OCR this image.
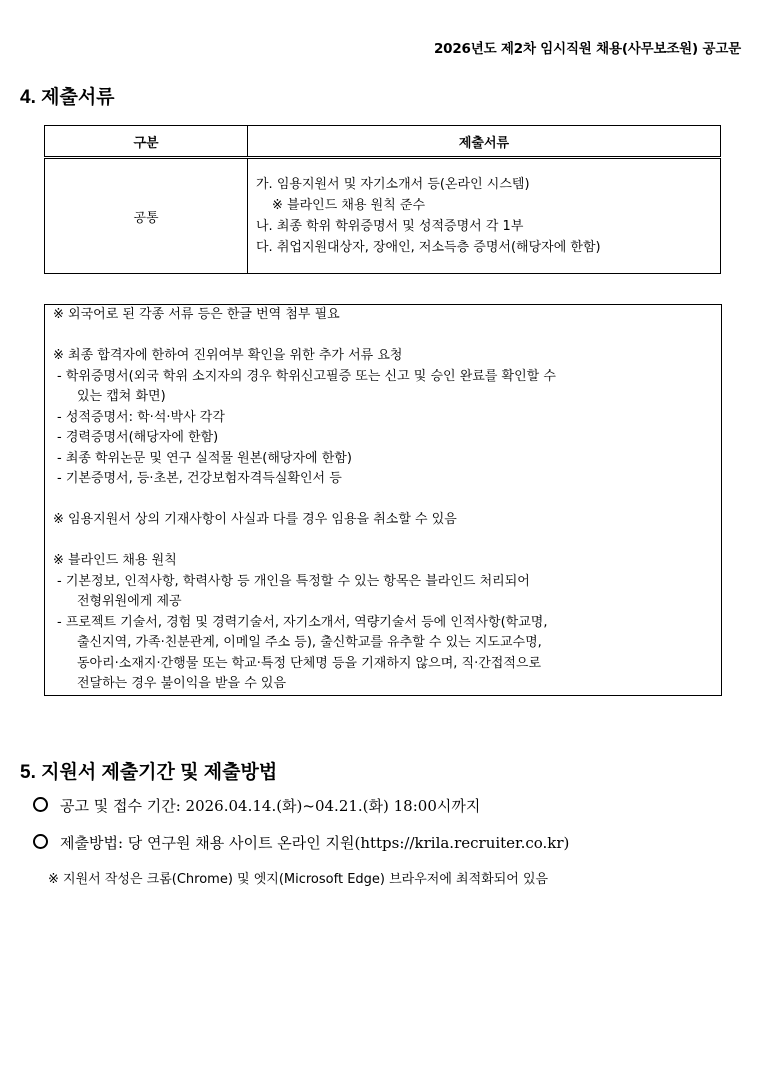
2026년도 제2차 임시직원 채용(사무보조원) 공고문
4. 제출서류
구분	제출서류
공통	가. 임용지원서 및 자기소개서 등(온라인 시스템)
※ 블라인드 채용 원칙 준수
나. 최종 학위 학위증명서 및 성적증명서 각 1부
다. 취업지원대상자, 장애인, 저소득층 증명서(해당자에 한함)
※ 외국어로 된 각종 서류 등은 한글 번역 첨부 필요
※ 최종 합격자에 한하여 진위여부 확인을 위한 추가 서류 요청
- 학위증명서(외국 학위 소지자의 경우 학위신고필증 또는 신고 및 승인 완료를 확인할 수
있는 캡쳐 화면)
- 성적증명서: 학·석·박사 각각
- 경력증명서(해당자에 한함)
- 최종 학위논문 및 연구 실적물 원본(해당자에 한함)
- 기본증명서, 등·초본, 건강보험자격득실확인서 등
※ 임용지원서 상의 기재사항이 사실과 다를 경우 임용을 취소할 수 있음
※ 블라인드 채용 원칙
- 기본정보, 인적사항, 학력사항 등 개인을 특정할 수 있는 항목은 블라인드 처리되어
전형위원에게 제공
- 프로젝트 기술서, 경험 및 경력기술서, 자기소개서, 역량기술서 등에 인적사항(학교명,
출신지역, 가족·친분관계, 이메일 주소 등), 출신학교를 유추할 수 있는 지도교수명,
동아리·소재지·간행물 또는 학교·특정 단체명 등을 기재하지 않으며, 직·간접적으로
전달하는 경우 불이익을 받을 수 있음
5. 지원서 제출기간 및 제출방법
공고 및 접수 기간: 2026.04.14.(화)~04.21.(화) 18:00시까지
제출방법: 당 연구원 채용 사이트 온라인 지원(https://krila.recruiter.co.kr)
※ 지원서 작성은 크롬(Chrome) 및 엣지(Microsoft Edge) 브라우저에 최적화되어 있음
